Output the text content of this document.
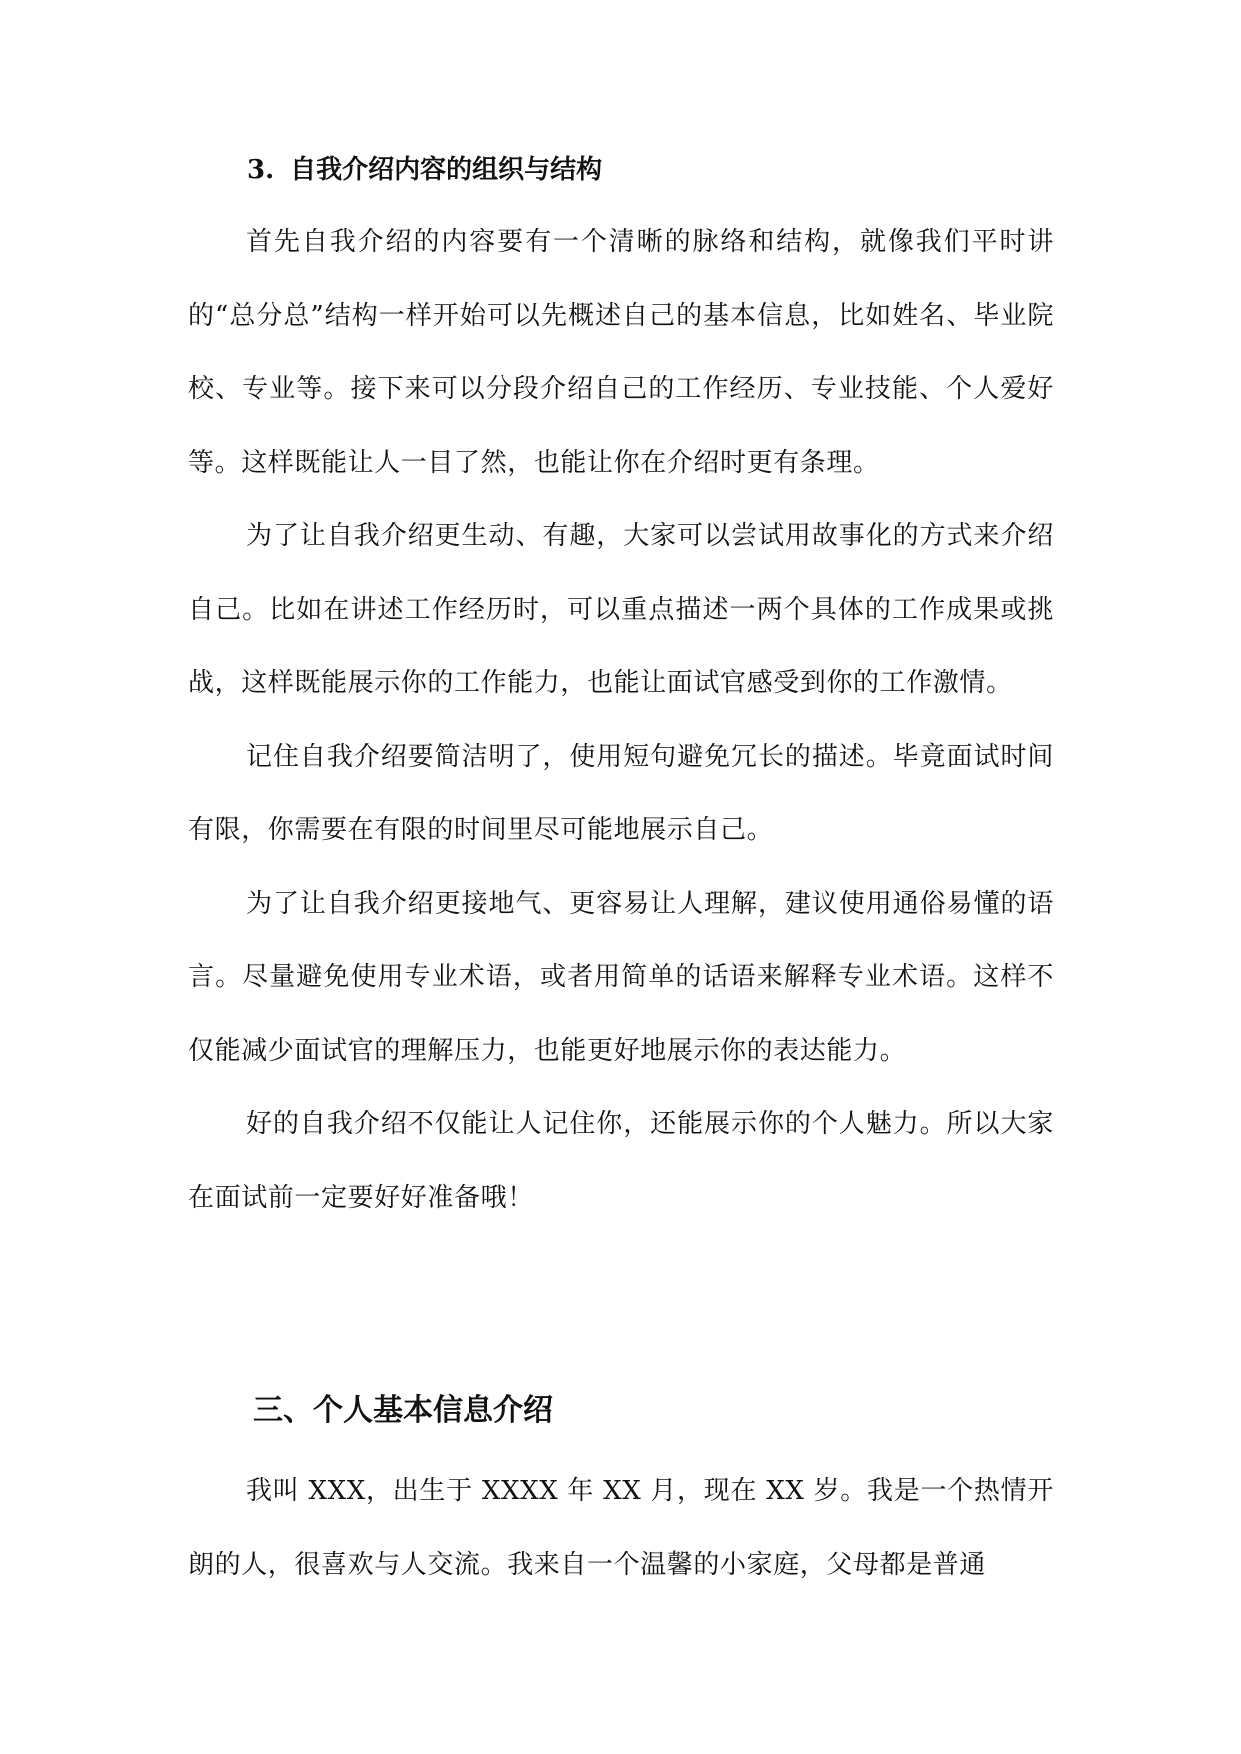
3. 自我介绍内容的组织与结构

首先自我介绍的内容要有一个清晰的脉络和结构，就像我们平时讲的“总分总”结构一样开始可以先概述自己的基本信息，比如姓名、毕业院校、专业等。接下来可以分段介绍自己的工作经历、专业技能、个人爱好等。这样既能让人一目了然，也能让你在介绍时更有条理。

为了让自我介绍更生动、有趣，大家可以尝试用故事化的方式来介绍自己。比如在讲述工作经历时，可以重点描述一两个具体的工作成果或挑战，这样既能展示你的工作能力，也能让面试官感受到你的工作激情。

记住自我介绍要简洁明了，使用短句避免冗长的描述。毕竟面试时间有限，你需要在有限的时间里尽可能地展示自己。

为了让自我介绍更接地气、更容易让人理解，建议使用通俗易懂的语言。尽量避免使用专业术语，或者用简单的话语来解释专业术语。这样不仅能减少面试官的理解压力，也能更好地展示你的表达能力。

好的自我介绍不仅能让人记住你，还能展示你的个人魅力。所以大家在面试前一定要好好准备哦！

三、个人基本信息介绍

我叫 XXX，出生于 XXXX 年 XX 月，现在 XX 岁。我是一个热情开朗的人，很喜欢与人交流。我来自一个温馨的小家庭，父母都是普通
